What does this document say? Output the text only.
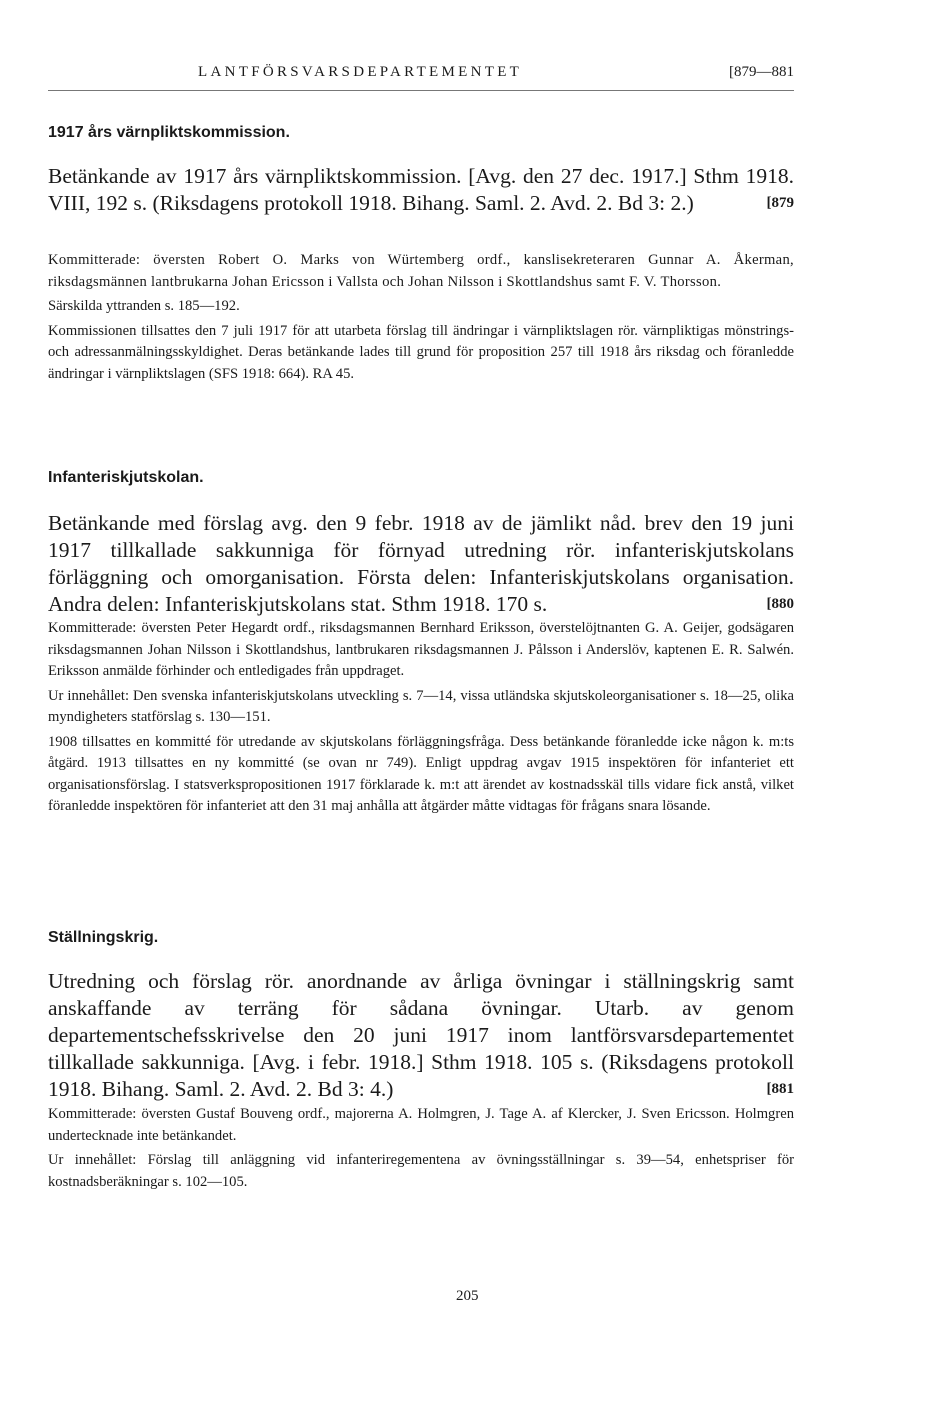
LANTFÖRSVARSDEPARTEMENTET	[879—881
1917 års värnpliktskommission.

Betänkande av 1917 års värnpliktskommission. [Avg. den 27 dec. 1917.] Sthm 1918. VIII, 192 s. (Riksdagens protokoll 1918. Bihang. Saml. 2. Avd. 2. Bd 3: 2.)	[879

Kommitterade: översten Robert O. Marks von Würtemberg ordf., kanslisekreteraren Gunnar A. Åkerman, riksdagsmännen lantbrukarna Johan Ericsson i Vallsta och Johan Nilsson i Skottlandshus samt F. V. Thorsson.

Särskilda yttranden s. 185—192.

Kommissionen tillsattes den 7 juli 1917 för att utarbeta förslag till ändringar i värnpliktslagen rör. värnpliktigas mönstrings- och adressanmälningsskyldighet. Deras betänkande lades till grund för proposition 257 till 1918 års riksdag och föranledde ändringar i värnpliktslagen (SFS 1918: 664). RA 45.

Infanteriskjutskolan.

Betänkande med förslag avg. den 9 febr. 1918 av de jämlikt nåd. brev den 19 juni 1917 tillkallade sakkunniga för förnyad utredning rör. infanteriskjutskolans förläggning och omorganisation. Första delen: Infanteriskjutskolans organisation. Andra delen: Infanteriskjutskolans stat. Sthm 1918. 170 s.	[880

Kommitterade: översten Peter Hegardt ordf., riksdagsmannen Bernhard Eriksson, överstelöjtnanten G. A. Geijer, godsägaren riksdagsmannen Johan Nilsson i Skottlandshus, lantbrukaren riksdagsmannen J. Pålsson i Anderslöv, kaptenen E. R. Salwén. Eriksson anmälde förhinder och entledigades från uppdraget.

Ur innehållet: Den svenska infanteriskjutskolans utveckling s. 7—14, vissa utländska skjutskoleorganisationer s. 18—25, olika myndigheters statförslag s. 130—151.

1908 tillsattes en kommitté för utredande av skjutskolans förläggningsfråga. Dess betänkande föranledde icke någon k. m:ts åtgärd. 1913 tillsattes en ny kommitté (se ovan nr 749). Enligt uppdrag avgav 1915 inspektören för infanteriet ett organisationsförslag. I statsverkspropositionen 1917 förklarade k. m:t att ärendet av kostnadsskäl tills vidare fick anstå, vilket föranledde inspektören för infanteriet att den 31 maj anhålla att åtgärder måtte vidtagas för frågans snara lösande.

Ställningskrig.

Utredning och förslag rör. anordnande av årliga övningar i ställningskrig samt anskaffande av terräng för sådana övningar. Utarb. av genom departementschefsskrivelse den 20 juni 1917 inom lantförsvarsdepartementet tillkallade sakkunniga. [Avg. i febr. 1918.] Sthm 1918. 105 s. (Riksdagens protokoll 1918. Bihang. Saml. 2. Avd. 2. Bd 3: 4.)	[881

Kommitterade: översten Gustaf Bouveng ordf., majorerna A. Holmgren, J. Tage A. af Klercker, J. Sven Ericsson. Holmgren undertecknade inte betänkandet.

Ur innehållet: Förslag till anläggning vid infanteriregementena av övningsställningar s. 39—54, enhetspriser för kostnadsberäkningar s. 102—105.

205
